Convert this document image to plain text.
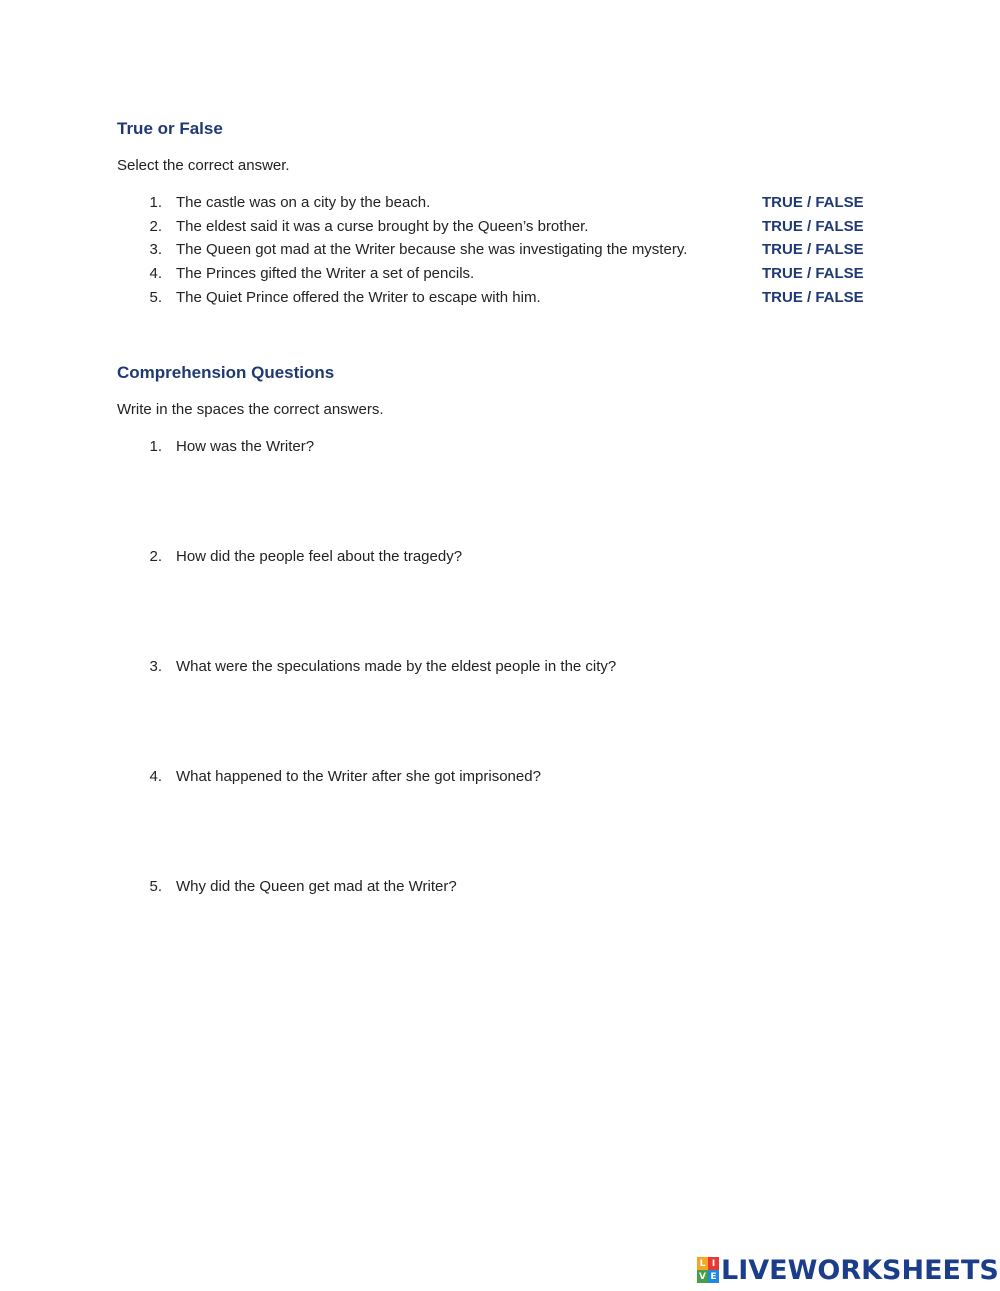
True or False
Select the correct answer.
1. The castle was on a city by the beach.	TRUE / FALSE
2. The eldest said it was a curse brought by the Queen’s brother.	TRUE / FALSE
3. The Queen got mad at the Writer because she was investigating the mystery.	TRUE / FALSE
4. The Princes gifted the Writer a set of pencils.	TRUE / FALSE
5. The Quiet Prince offered the Writer to escape with him.	TRUE / FALSE
Comprehension Questions
Write in the spaces the correct answers.
1. How was the Writer?
2. How did the people feel about the tragedy?
3. What were the speculations made by the eldest people in the city?
4. What happened to the Writer after she got imprisoned?
5. Why did the Queen get mad at the Writer?
L I
V E LIVEWORKSHEETS
